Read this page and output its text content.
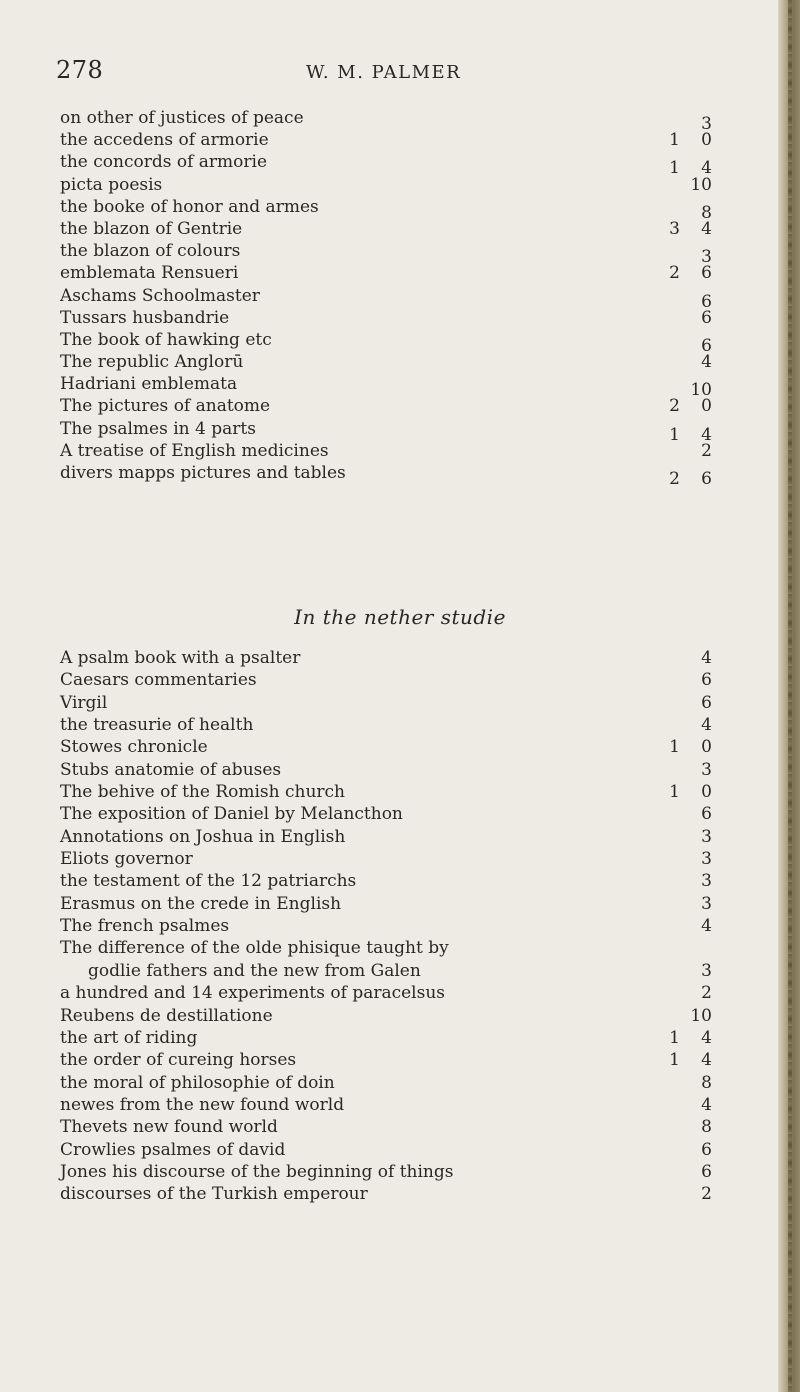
278	W. M. PALMER
on other of justices of peace	3
the accedens of armorie	1	0
the concords of armorie	1	4
picta poesis	10
the booke of honor and armes	8
the blazon of Gentrie	3	4
the blazon of colours	3
emblemata Rensueri	2	6
Aschams Schoolmaster	6
Tussars husbandrie	6
The book of hawking etc	6
The republic Anglorū	4
Hadriani emblemata	10
The pictures of anatome	2	0
The psalmes in 4 parts	1	4
A treatise of English medicines	2
divers mapps pictures and tables	2	6
In the nether studie
A psalm book with a psalter	4
Caesars commentaries	6
Virgil	6
the treasurie of health	4
Stowes chronicle	1	0
Stubs anatomie of abuses	3
The behive of the Romish church	1	0
The exposition of Daniel by Melancthon	6
Annotations on Joshua in English	3
Eliots governor	3
the testament of the 12 patriarchs	3
Erasmus on the crede in English	3
The french psalmes	4
The difference of the olde phisique taught by
godlie fathers and the new from Galen	3
a hundred and 14 experiments of paracelsus	2
Reubens de destillatione	10
the art of riding	1	4
the order of cureing horses	1	4
the moral of philosophie of doin	8
newes from the new found world	4
Thevets new found world	8
Crowlies psalmes of david	6
Jones his discourse of the beginning of things	6
discourses of the Turkish emperour	2
